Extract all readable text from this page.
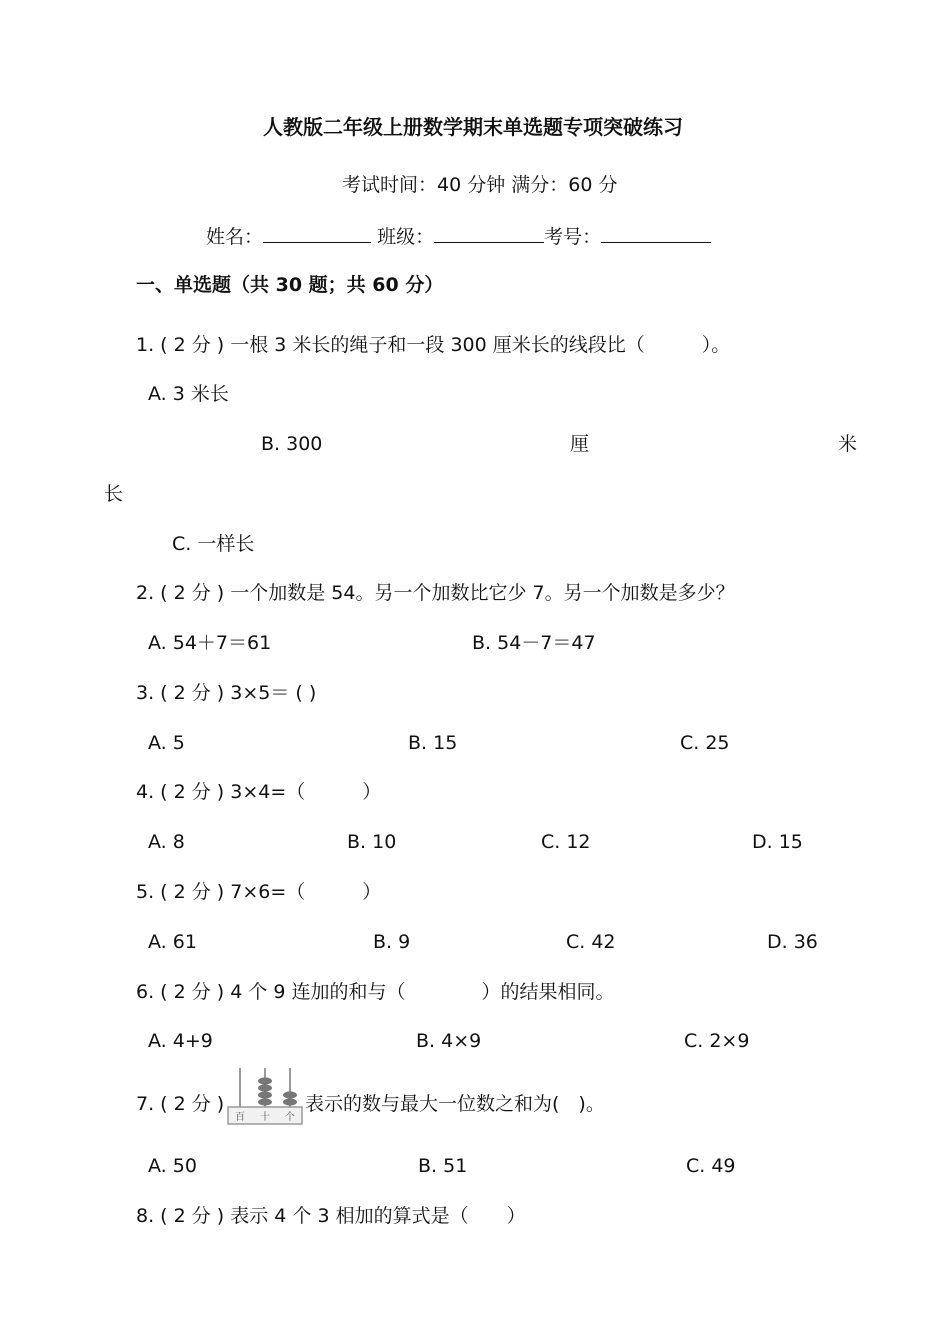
人教版二年级上册数学期末单选题专项突破练习
考试时间：40 分钟 满分：60 分
姓名：	班级：	考号：
一、单选题（共 30 题；共 60 分）
1. ( 2 分 ) 一根 3 米长的绳子和一段 300 厘米长的线段比（　　　）。
A. 3 米长
B. 300	厘	米
长
C. 一样长
2. ( 2 分 ) 一个加数是 54。另一个加数比它少 7。另一个加数是多少？
A. 54＋7＝61	B. 54－7＝47
3. ( 2 分 ) 3×5＝ ( )
A. 5	B. 15	C. 25
4. ( 2 分 ) 3×4=（　　　）
A. 8	B. 10	C. 12	D. 15
5. ( 2 分 ) 7×6=（　　　）
A. 61	B. 9	C. 42	D. 36
6. ( 2 分 ) 4 个 9 连加的和与（　　　　）的结果相同。
A. 4+9	B. 4×9	C. 2×9
7. ( 2 分 )
百 十 个
表示的数与最大一位数之和为(　)。
A. 50	B. 51	C. 49
8. ( 2 分 ) 表示 4 个 3 相加的算式是（　　）
